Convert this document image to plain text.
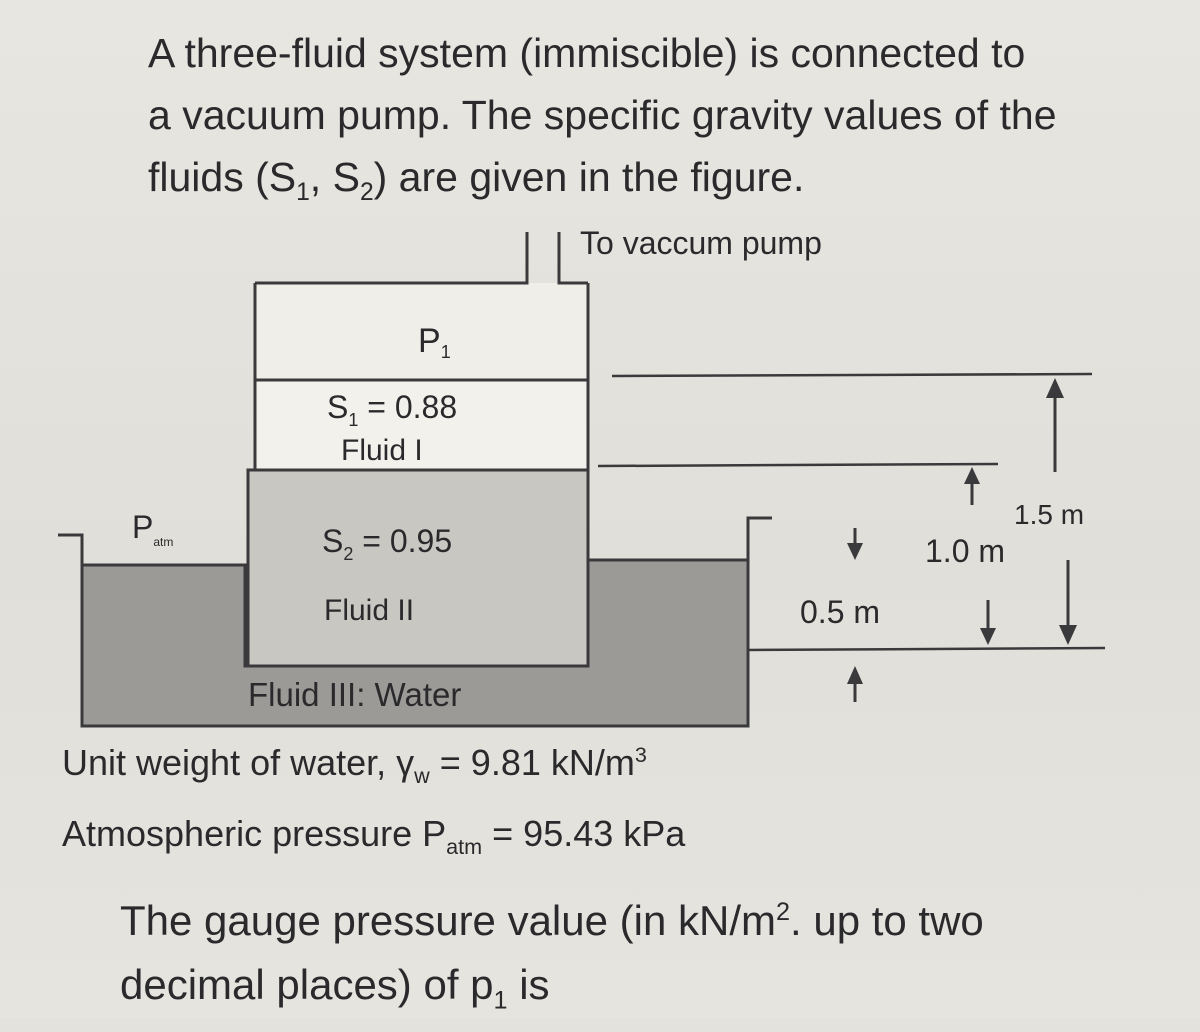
A three-fluid system (immiscible) is connected to
a vacuum pump. The specific gravity values of the
fluids ($S_1$, $S_2$) are given in the figure.

To vaccum pump
P1
$S_1 = 0.88$
Fluid I
$S_2 = 0.95$
Fluid II
Fluid III: Water
$P_{atm}$
0.5 m
1.0 m
1.5 m

Unit weight of water, $\gamma_w = 9.81$ $kN/m^3$
Atmospheric pressure $P_{atm} = 95.43$ kPa

The gauge pressure value (in $kN/m^2$. up to two
decimal places) of $p_1$ is
